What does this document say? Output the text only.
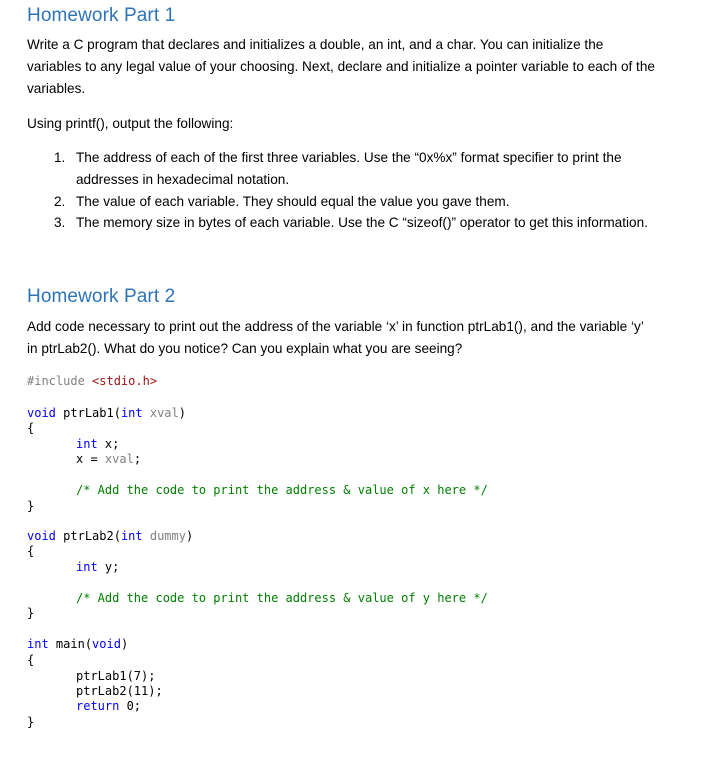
Homework Part 1

Write a C program that declares and initializes a double, an int, and a char. You can initialize the

variables to any legal value of your choosing. Next, declare and initialize a pointer variable to each of the

variables.

Using printf(), output the following:

1. The address of each of the first three variables. Use the “0x%x” format specifier to print the
addresses in hexadecimal notation.
2. The value of each variable. They should equal the value you gave them.
3. The memory size in bytes of each variable. Use the C “sizeof()” operator to get this information.
Homework Part 2

Add code necessary to print out the address of the variable ‘x’ in function ptrLab1(), and the variable ‘y’

in ptrLab2(). What do you notice? Can you explain what you are seeing?

#include <stdio.h>
void ptrLab1(int xval)
{
int x;
x = xval;
/* Add the code to print the address & value of x here */
}
void ptrLab2(int dummy)
{
int y;
/* Add the code to print the address & value of y here */
}
int main(void)
{
ptrLab1(7);
ptrLab2(11);
return 0;
}
